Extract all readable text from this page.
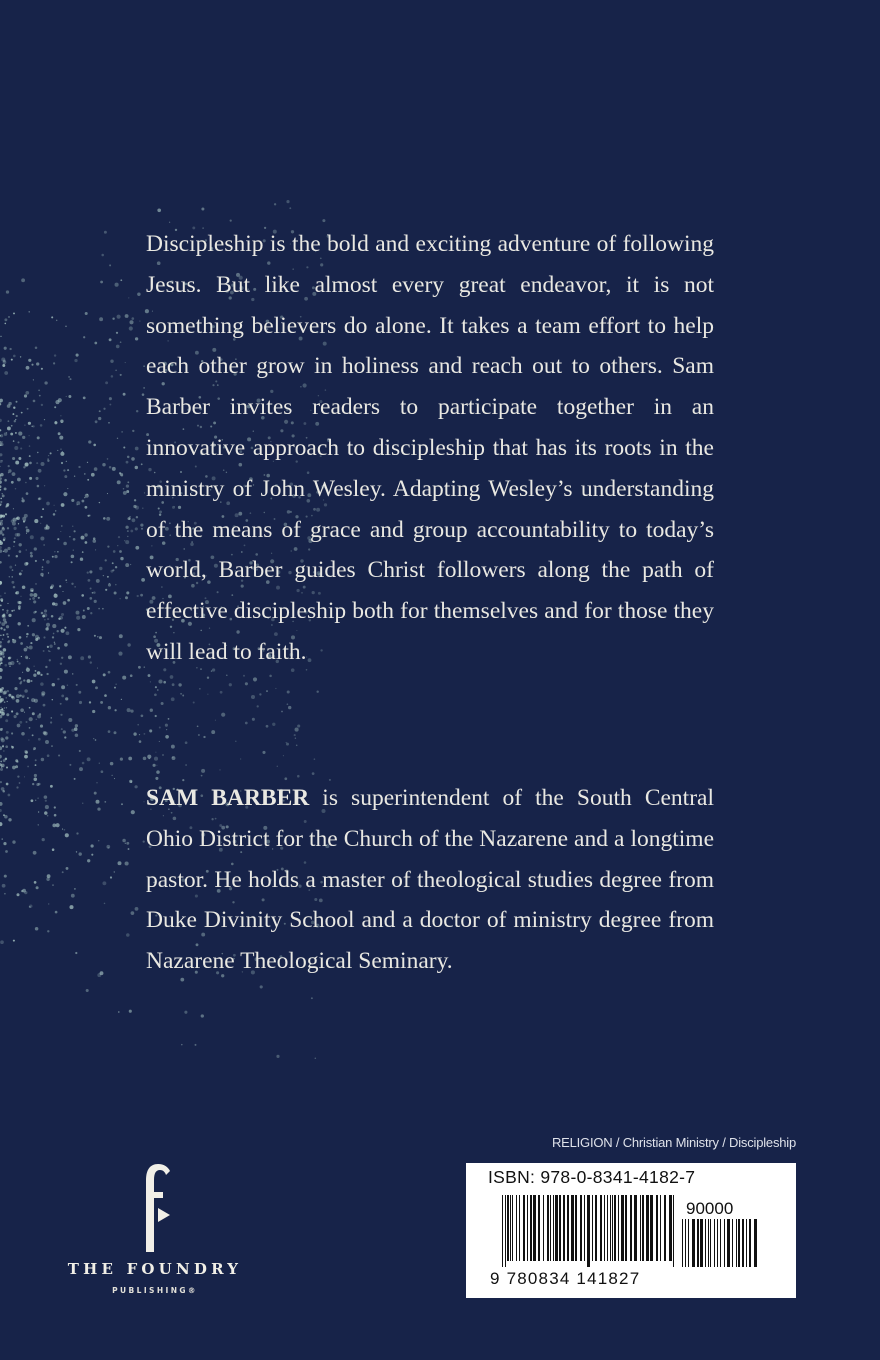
Discipleship is the bold and exciting adventure of following Jesus. But like almost every great endeavor, it is not something believers do alone. It takes a team effort to help each other grow in holiness and reach out to others. Sam Barber invites readers to participate together in an innovative approach to discipleship that has its roots in the ministry of John Wesley. Adapting Wesley’s understanding of the means of grace and group accountability to today’s world, Barber guides Christ followers along the path of effective discipleship both for themselves and for those they will lead to faith.

SAM BARBER is superintendent of the South Central Ohio District for the Church of the Nazarene and a longtime pastor. He holds a master of theological studies degree from Duke Divinity School and a doctor of ministry degree from Nazarene Theological Seminary.

RELIGION / Christian Ministry / Discipleship
ISBN: 978-0-8341-4182-7
90000
9 780834 141827
THE FOUNDRY
PUBLISHING®
